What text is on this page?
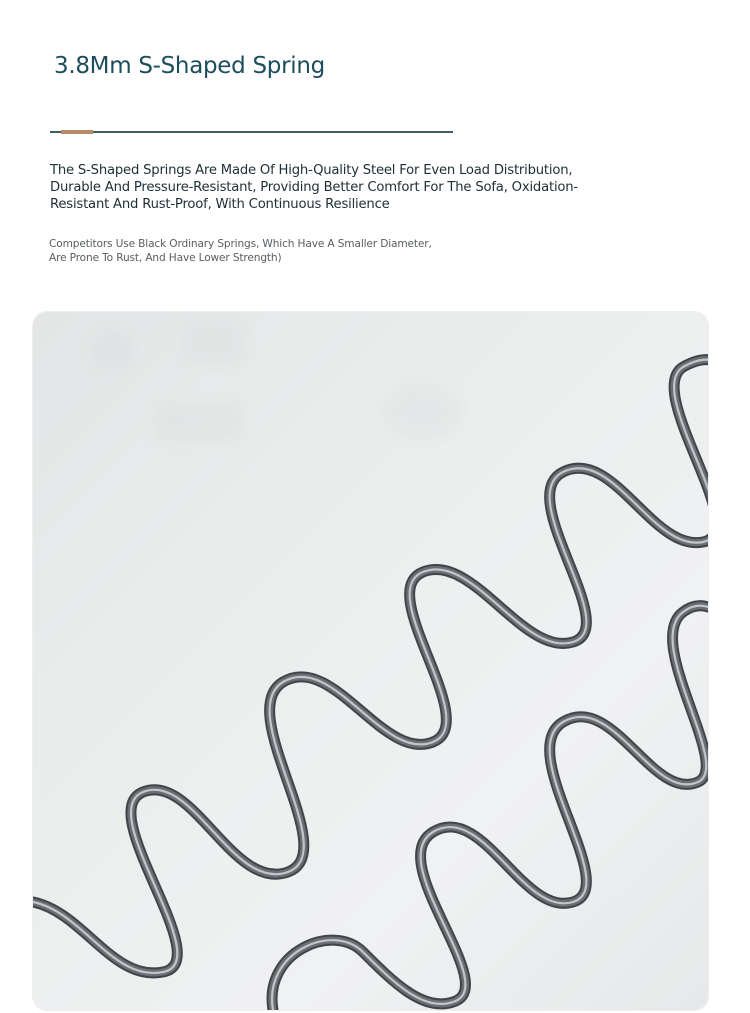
3.8Mm S-Shaped Spring

The S-Shaped Springs Are Made Of High-Quality Steel For Even Load Distribution, Durable And Pressure-Resistant, Providing Better Comfort For The Sofa, Oxidation-Resistant And Rust-Proof, With Continuous Resilience

Competitors Use Black Ordinary Springs, Which Have A Smaller Diameter, Are Prone To Rust, And Have Lower Strength)
